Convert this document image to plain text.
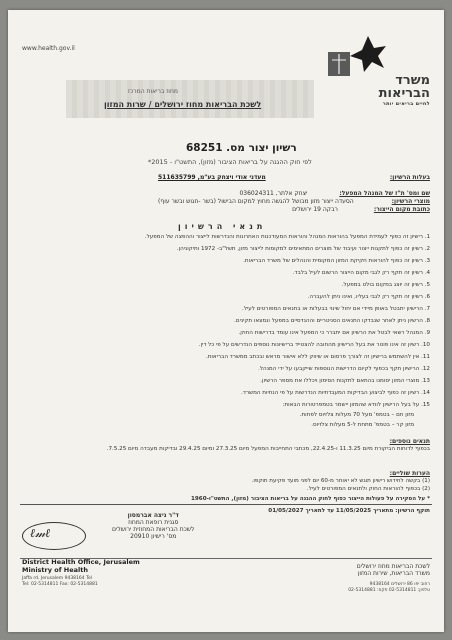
www.health.gov.il
משרד
הבריאות
לחיים בריאים יותר
מחוז בריאות המרכז
לשכת הבריאות מחוז ירושלים / שרות המזון
רשיון יצור מס. 68251
לפי חוק ההגנה על בריאות הציבור (מזון), התשט"ו - 2015*
בעלות הרשיון:
מעדני אודי ויצחק בע"מ, 511635799
שם ומס' ת"ז של המנהל המפעל: יצחק אלתר, 036024311
מוצרי הרשיון: הסעדה ייצור מזון מבושל להגשה מחוץ למקום הבישול (בשר -חגוש ובשר עוף)
כתובת מקום הייצור: רבקה 19 ירושלים
תנאי הרשיון
1. רישיון זה כפוף לעמידת המפעל בהוראות המנהל והוראות המעודכנות האחרונות והנדרשות לייצור וההפצה של המפעל.
2. רשיון זה כפוף לתקנות ייצור ועיבוד של מוצרים המתאימים למקומות לייצור מזון, תשל"ב- 1972 ותיקוניהן.
3. רשיון זה כפוף להוראות חקיקת המזון המקומית והנהלים של משרד הבריאות.
4. רשיון זה תקף רק לגבי מקום הייצור הרשום לעיל בלבד.
5. רשיון זה יוצג במקום בולט במפעל.
6. רשיון זה תקף רק לגבי בעליו, ואינו ניתן להעברה.
7. הרישיון יתבטל באופן מיידי אם יחול שינוי בבעלות או בתנאים המפורטים לעיל.
8. הרשיון ניתן לאחר שנבדקו התנאים הסניטריים וההנדסיים במפעל ונמצאו תקינים.
9. המנהל רשאי לבטל את הרשיון אם יתברר כי המפעל אינו עומד בדרישות החוק.
10. רשיון זה אינו פוטר את בעל הרישיון מהחובה להצטייד ברישיונות נוספים הנדרשים על פי כל דין.
11. אין להשתמש ברישיון זה לצורך פרסום או שיווק ללא אישור מראש ובכתב ממשרד הבריאות.
12. הרישיון תקף בכפוף לקיום הדרישות הנוספות שייקבעו על ידי המנהל.
13. מוצרי המזון יסומנו בהתאם לתקנות הסימון ויכללו את מספר הרשיון.
14. רשיון זה כפוף לביצוע הבדיקות המעבדתיות הנדרשות על פי הנחיות המשרד.
15. על בעל הרישיון לוודא שהמזון יישמר בטמפרטורות הבאות:
מזון חם – בטמפ' מעל 70 מעלות צלזיוס לפחות.
מזון קר – בטמפ' מתחת ל-5 מעלות צלזיוס.
תנאים נוספים:
בכפוף לדוחות הביקורת מיום 11.3.25 ו-22.4.25, מכתבי התחייבות המפעל מיום 27.3.25 ומיום 29.4.25 ובדיקות מעבדה מיום 7.5.25.
הערות שוליים:
(1) בקשה לחידוש רישיון תוגש לא יאוחר מ-60 יום לפני מועד פקיעת תוקפו.
(2) בכפוף להוראות החוק ולתנאים המפורטים לעיל.
* על הסקירה על פעולות הייצור כפוף לחוק ההגנה על בריאות הציבור (מזון), התשט"ו-1960
תוקף הרשיון: מתאריך 11/05/2025 עד לתאריך 01/05/2027
ℓ𝓂ℓ
ד"ר ניצה אברמסון
סגנית רופאת המחוז
לשכת הבריאות המחוזית ירושלים
מס' רישיון 20910
District Health Office, Jerusalem
Ministry of Health
Jaffa rd. Jerusalem 9438164 Tel
Tel: 02-5314811 Fax: 02-5314881
לשכת הבריאות מחוז ירושלים
משרד הבריאות, שירות המזון
רחוב יפו 86 ירושלים 9438164
טלפון: 02-5314811 פקס: 02-5314881
